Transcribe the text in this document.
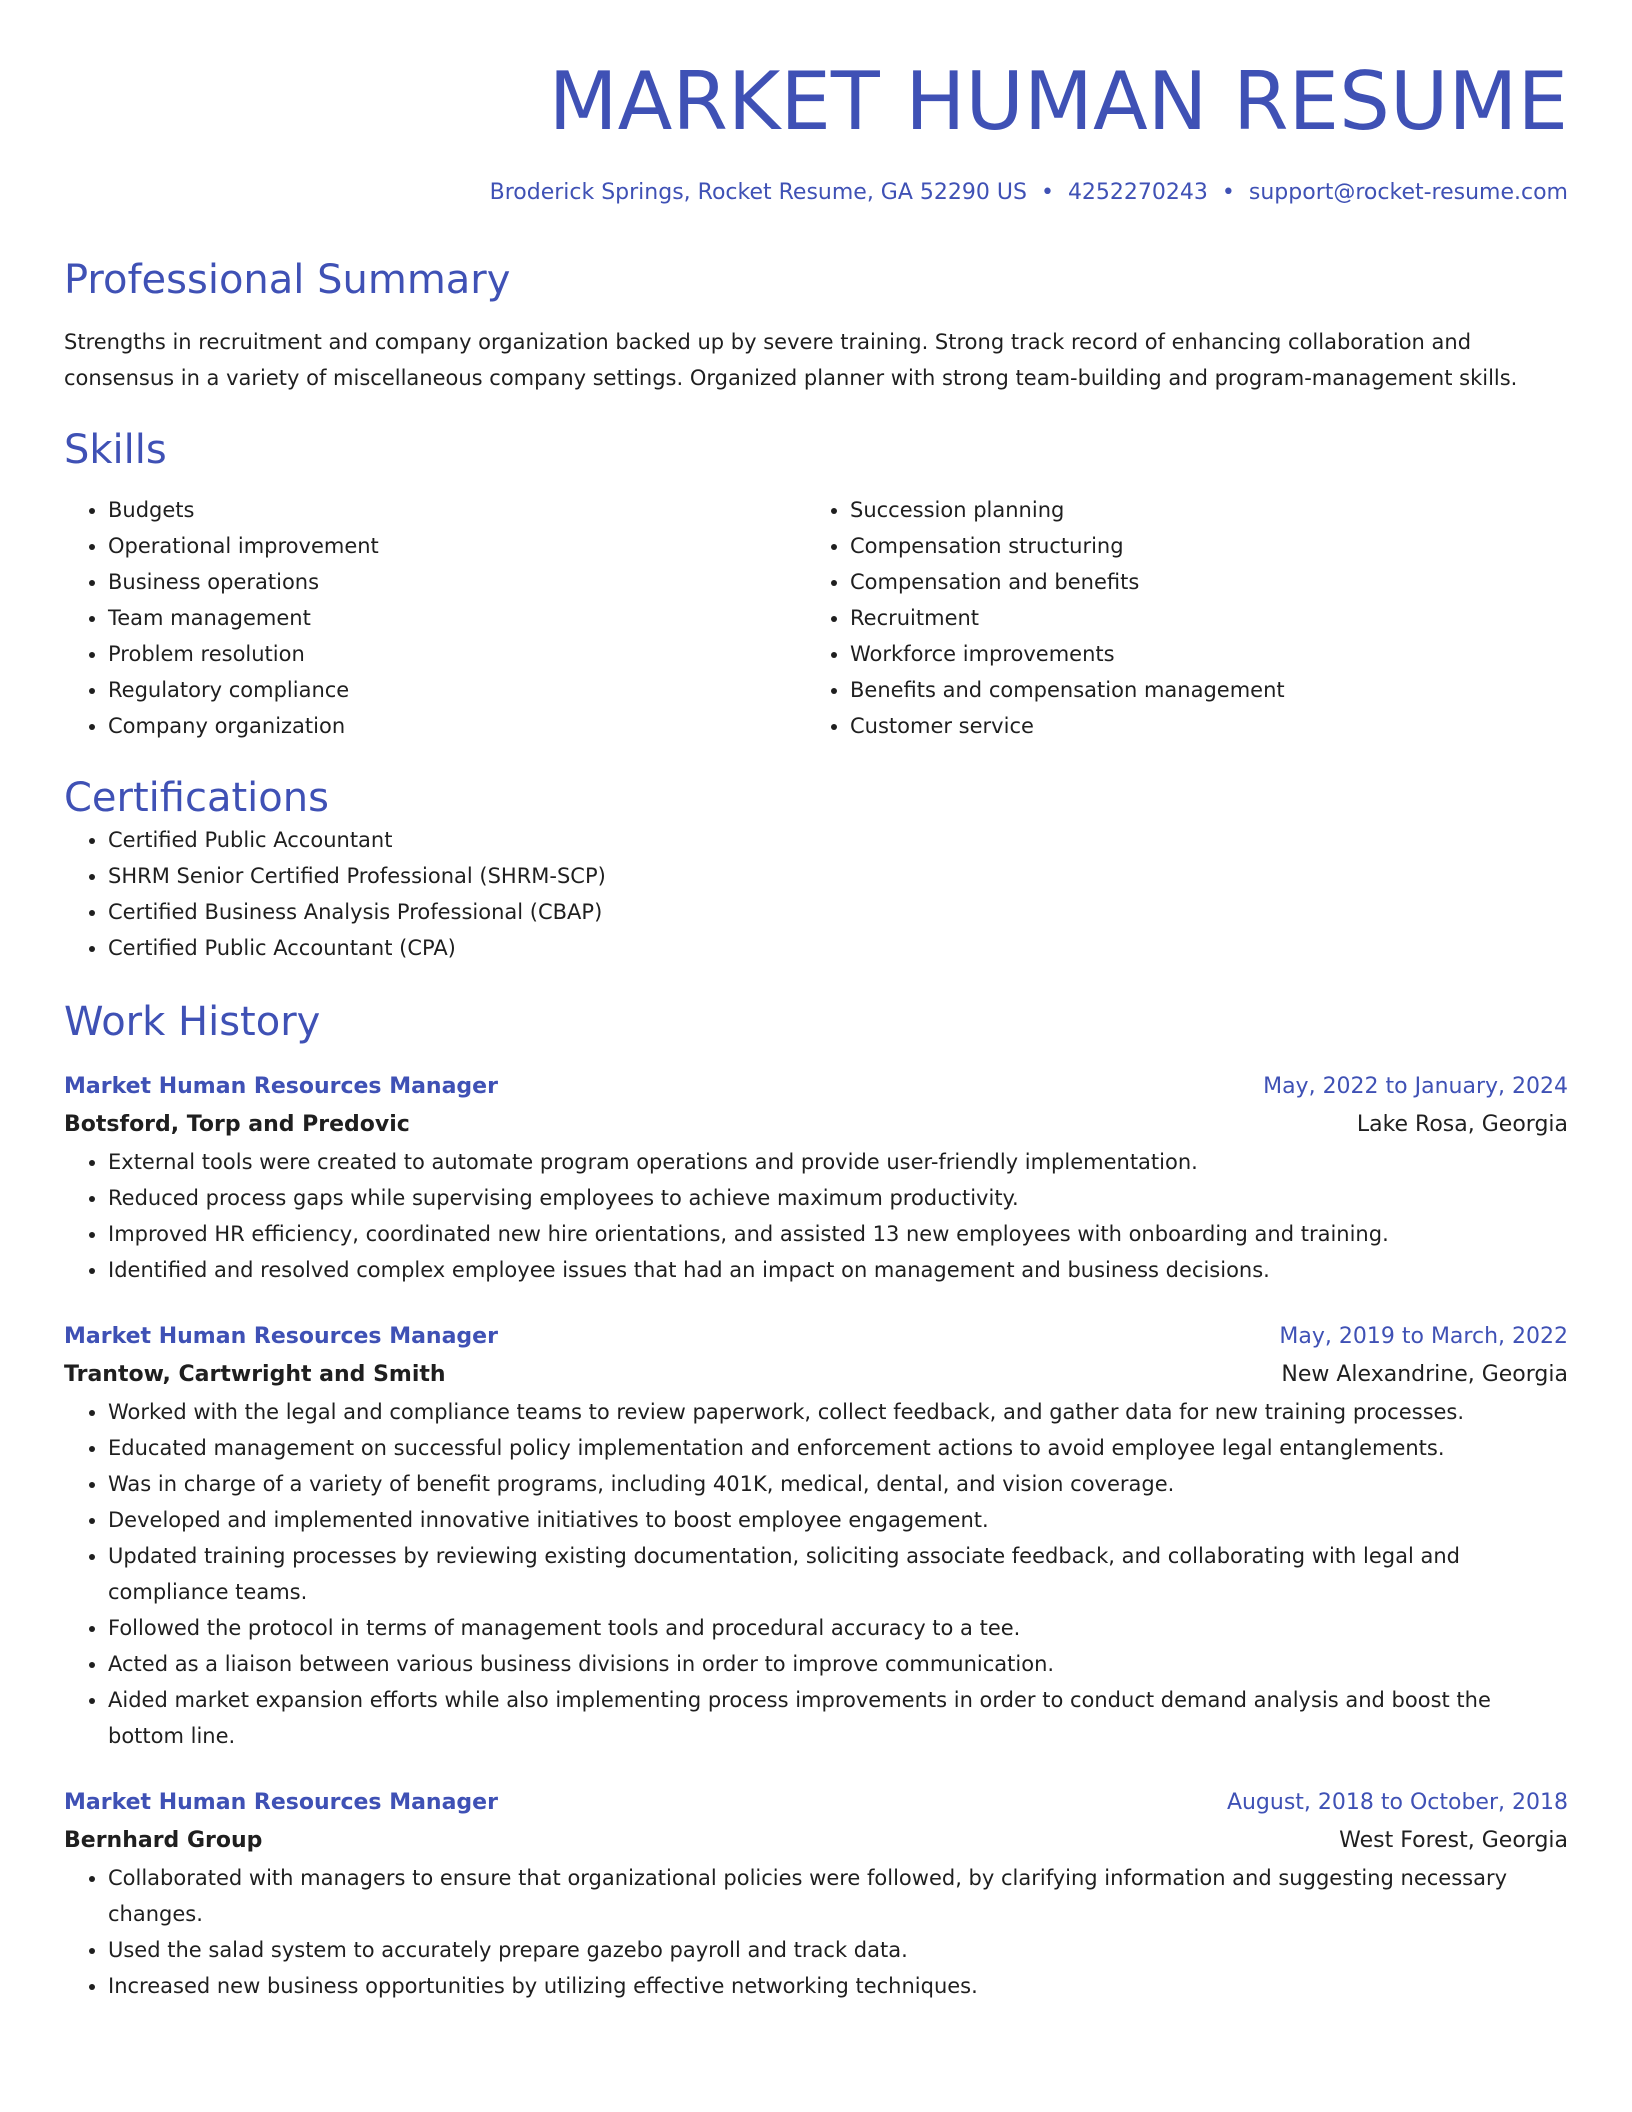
MARKET HUMAN RESUME
Broderick Springs, Rocket Resume, GA 52290 US • 4252270243 • support@rocket-resume.com
Professional Summary
Strengths in recruitment and company organization backed up by severe training. Strong track record of enhancing collaboration and consensus in a variety of miscellaneous company settings. Organized planner with strong team-building and program-management skills.
Skills
• Budgets
• Operational improvement
• Business operations
• Team management
• Problem resolution
• Regulatory compliance
• Company organization
• Succession planning
• Compensation structuring
• Compensation and benefits
• Recruitment
• Workforce improvements
• Benefits and compensation management
• Customer service
Certifications
• Certified Public Accountant
• SHRM Senior Certified Professional (SHRM-SCP)
• Certified Business Analysis Professional (CBAP)
• Certified Public Accountant (CPA)
Work History
Market Human Resources Manager	May, 2022 to January, 2024
Botsford, Torp and Predovic	Lake Rosa, Georgia
• External tools were created to automate program operations and provide user-friendly implementation.
• Reduced process gaps while supervising employees to achieve maximum productivity.
• Improved HR efficiency, coordinated new hire orientations, and assisted 13 new employees with onboarding and training.
• Identified and resolved complex employee issues that had an impact on management and business decisions.
Market Human Resources Manager	May, 2019 to March, 2022
Trantow, Cartwright and Smith	New Alexandrine, Georgia
• Worked with the legal and compliance teams to review paperwork, collect feedback, and gather data for new training processes.
• Educated management on successful policy implementation and enforcement actions to avoid employee legal entanglements.
• Was in charge of a variety of benefit programs, including 401K, medical, dental, and vision coverage.
• Developed and implemented innovative initiatives to boost employee engagement.
• Updated training processes by reviewing existing documentation, soliciting associate feedback, and collaborating with legal and compliance teams.
• Followed the protocol in terms of management tools and procedural accuracy to a tee.
• Acted as a liaison between various business divisions in order to improve communication.
• Aided market expansion efforts while also implementing process improvements in order to conduct demand analysis and boost the bottom line.
Market Human Resources Manager	August, 2018 to October, 2018
Bernhard Group	West Forest, Georgia
• Collaborated with managers to ensure that organizational policies were followed, by clarifying information and suggesting necessary changes.
• Used the salad system to accurately prepare gazebo payroll and track data.
• Increased new business opportunities by utilizing effective networking techniques.
